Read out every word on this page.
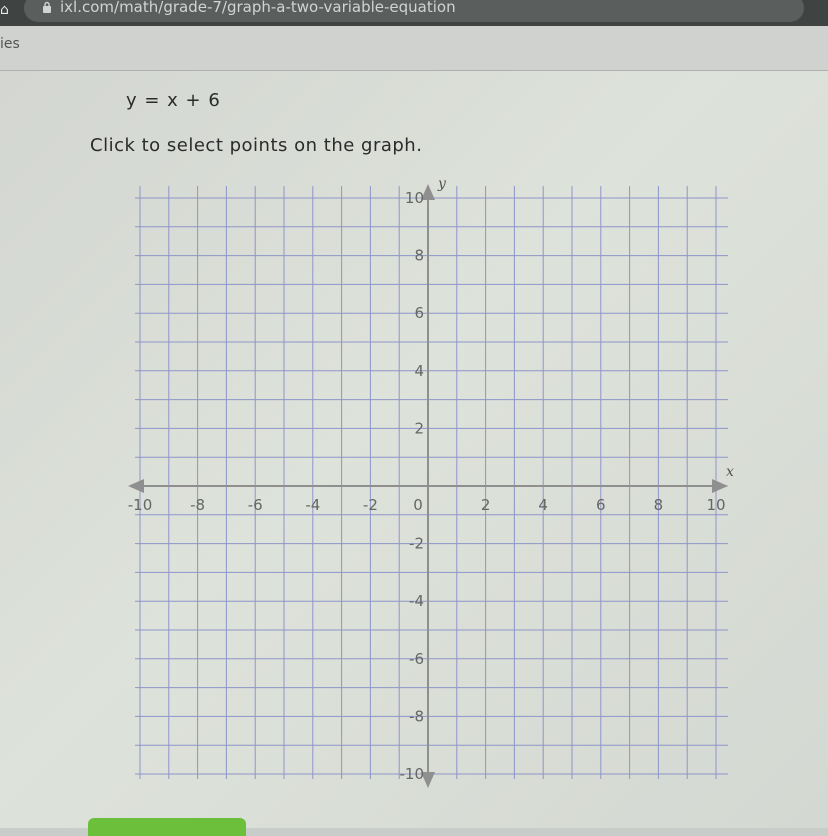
⌂	ixl.com/math/grade-7/graph-a-two-variable-equation
ies
y = x + 6
Click to select points on the graph.
x
y
-10	-8	-6	-4	-2 0	2	4	6	8	10
10
8
6
4
2
-2
-4
-6
-8
-10
